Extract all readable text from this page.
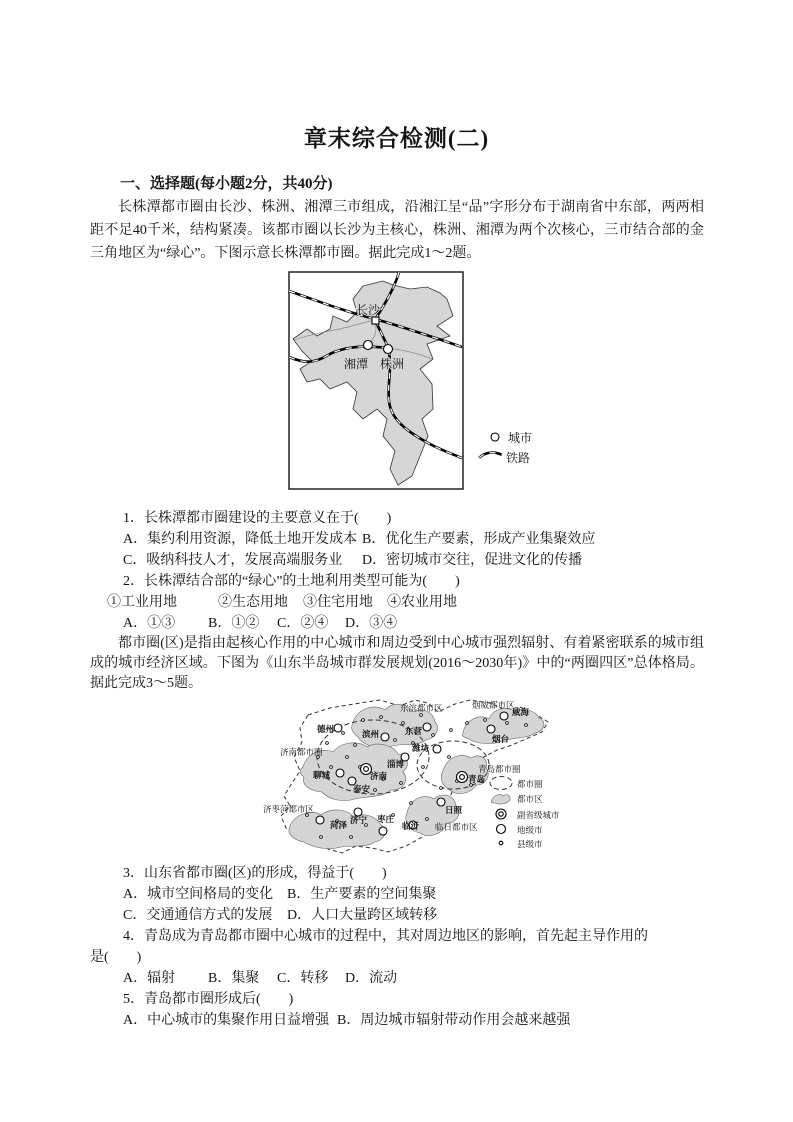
章末综合检测(二)
一、选择题(每小题2分，共40分)

长株潭都市圈由长沙、株洲、湘潭三市组成，沿湘江呈“品”字形分布于湖南省中东部，两两相距不足40千米，结构紧凑。该都市圈以长沙为主核心，株洲、湘潭为两个次核心，三市结合部的金三角地区为“绿心”。下图示意长株潭都市圈。据此完成1～2题。

长沙
湘潭 株洲
城市
铁路
1．长株潭都市圈建设的主要意义在于(　　)
A．集约利用资源，降低土地开发成本 B．优化生产要素，形成产业集聚效应
C．吸纳科技人才，发展高端服务业 D．密切城市交往，促进文化的传播
2．长株潭结合部的“绿心”的土地利用类型可能为(　　)
①工业用地	②生态用地 ③住宅用地 ④农业用地
A．①③ B．①② C．②④ D．③④

都市圈(区)是指由起核心作用的中心城市和周边受到中心城市强烈辐射、有着紧密联系的城市组成的城市经济区域。下图为《山东半岛城市群发展规划(2016～2030年)》中的“两圈四区”总体格局。据此完成3～5题。

德州	滨州	东营
烟台
威海
潍坊
淄博
济南
聊城
泰安
菏泽 济宁 枣庄
临沂
日照
青岛
济南都市圈
青岛都市圈
东滨都市区	烟威都市区
济枣菏都市区
临日都市区
都市圈
都市区
副省级城市
地级市
县级市
3．山东省都市圈(区)的形成，得益于(　　)
A．城市空间格局的变化 B．生产要素的空间集聚
C．交通通信方式的发展 D．人口大量跨区域转移
4．青岛成为青岛都市圈中心城市的过程中，其对周边地区的影响，首先起主导作用的
是(　　)
A．辐射 B．集聚 C．转移 D．流动
5．青岛都市圈形成后(　　)
A．中心城市的集聚作用日益增强 B．周边城市辐射带动作用会越来越强
